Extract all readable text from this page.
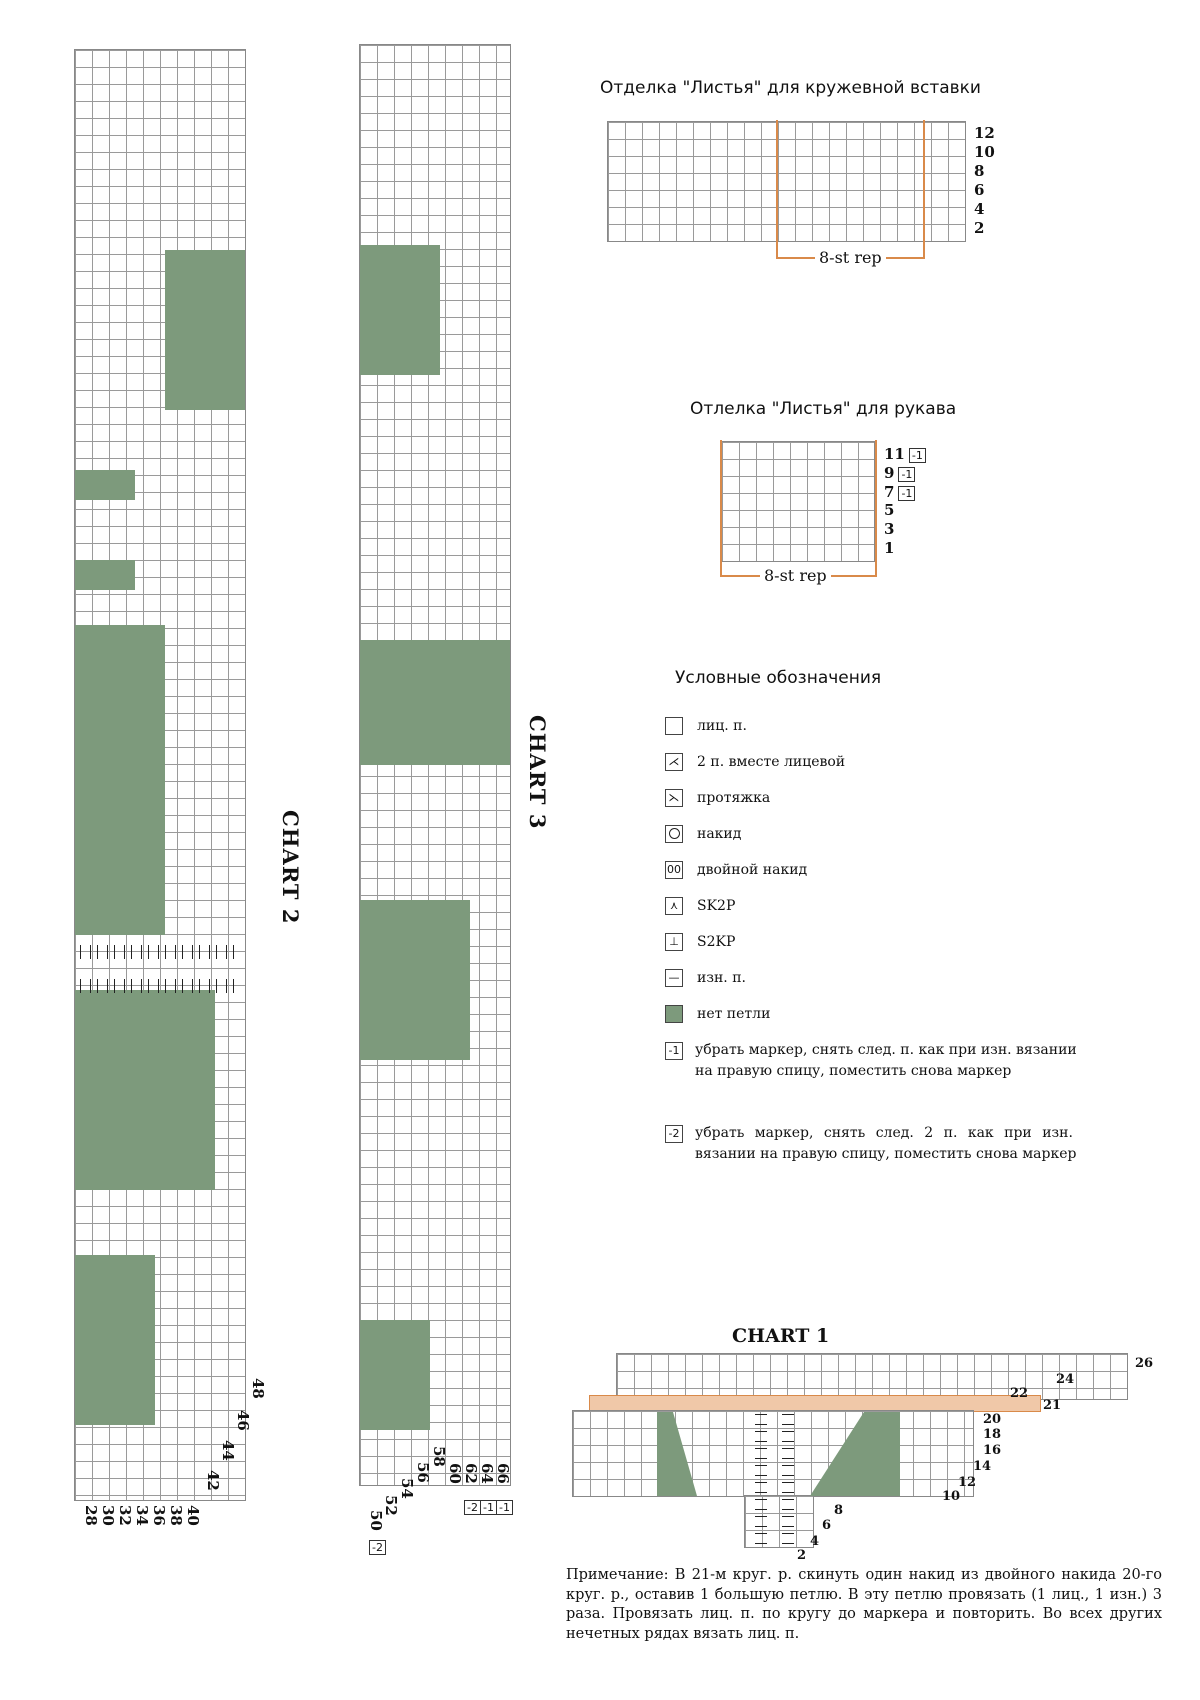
CHART 2
28 30 32 34 36 38 40
42
44
46
48
CHART 3
50
52
54
56
58
60
62
64
66
-2
-2 -1 -1
Отделка "Листья" для кружевной вставки
8-st rep
12
10
8
6
4
2
Отлелка "Листья" для рукава
8-st rep
11 -1
9 -1
7 -1
5
3
1
Условные обозначения
лиц. п.
⋌ 2 п. вместе лицевой
⋋ протяжка
накид
00 двойной накид
⋏	SK2P
⊥	S2KP
— изн. п.
нет петли
-1 убрать маркер, снять след. п. как при изн. вязании
на правую спицу, поместить снова маркер
-2 убрать маркер, снять след. 2 п. как при изн.
вязании на правую спицу, поместить снова маркер
CHART 1
26
24
22
21
20
18
16
14
12
10
8
6
4
2
Примечание: В 21-м круг. р. скинуть один накид из двойного накида 20-го круг. р., оставив 1 большую петлю. В эту петлю провязать (1 лиц., 1 изн.) 3 раза. Провязать лиц. п. по кругу до маркера и повторить. Во всех других нечетных рядах вязать лиц. п.
